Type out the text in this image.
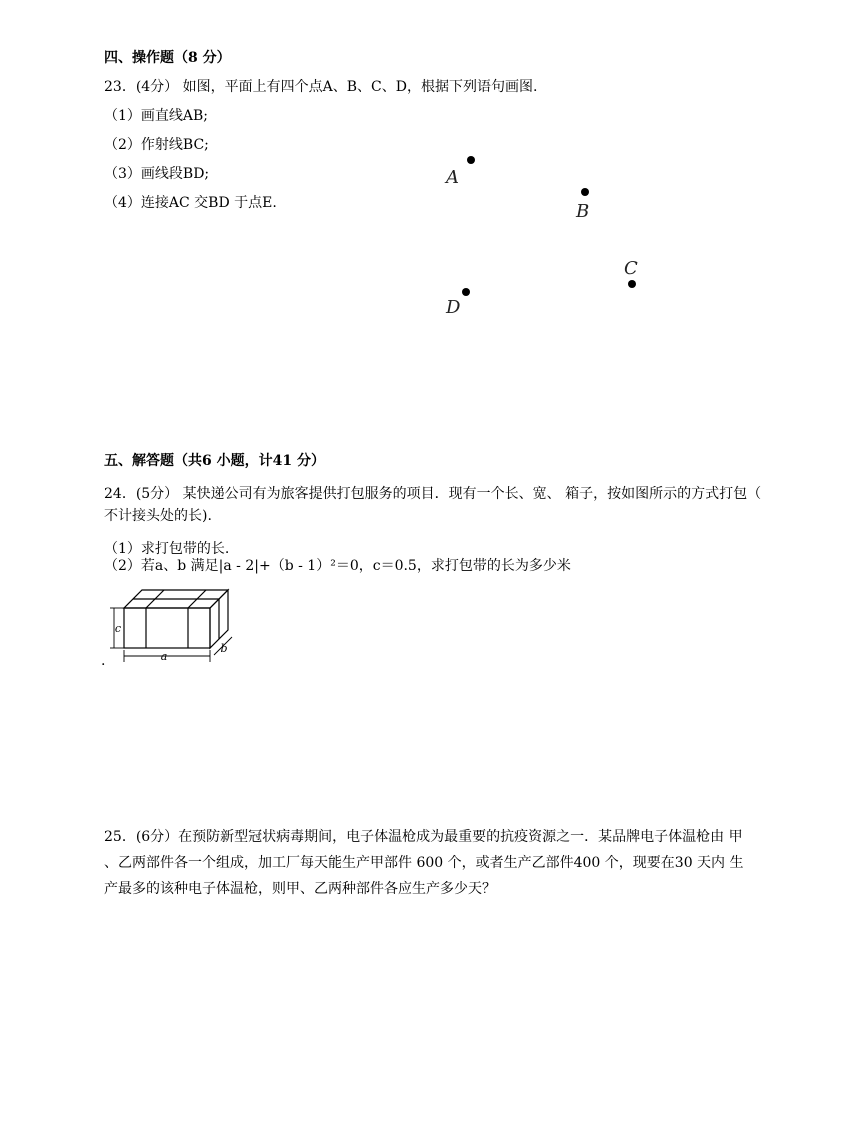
四、操作题（8 分）
23．(4分） 如图，平面上有四个点A、B、C、D，根据下列语句画图.
（1）画直线AB;
（2）作射线BC;
（3）画线段BD;
（4）连接AC 交BD 于点E.
A
B
C
D
五、解答题（共6 小题，计41 分）
24．(5分） 某快递公司有为旅客提供打包服务的项目．现有一个长、宽、 箱子，按如图所示的方式打包（
不计接头处的长).
（1）求打包带的长.
（2）若a、b 满足|a - 2|+（b - 1）²＝0，c＝0.5，求打包带的长为多少米
c
a
b
.
25．(6分）在预防新型冠状病毒期间，电子体温枪成为最重要的抗疫资源之一．某品牌电子体温枪由 甲
、乙两部件各一个组成，加工厂每天能生产甲部件 600 个，或者生产乙部件400 个，现要在30 天内 生
产最多的该种电子体温枪，则甲、乙两种部件各应生产多少天？
